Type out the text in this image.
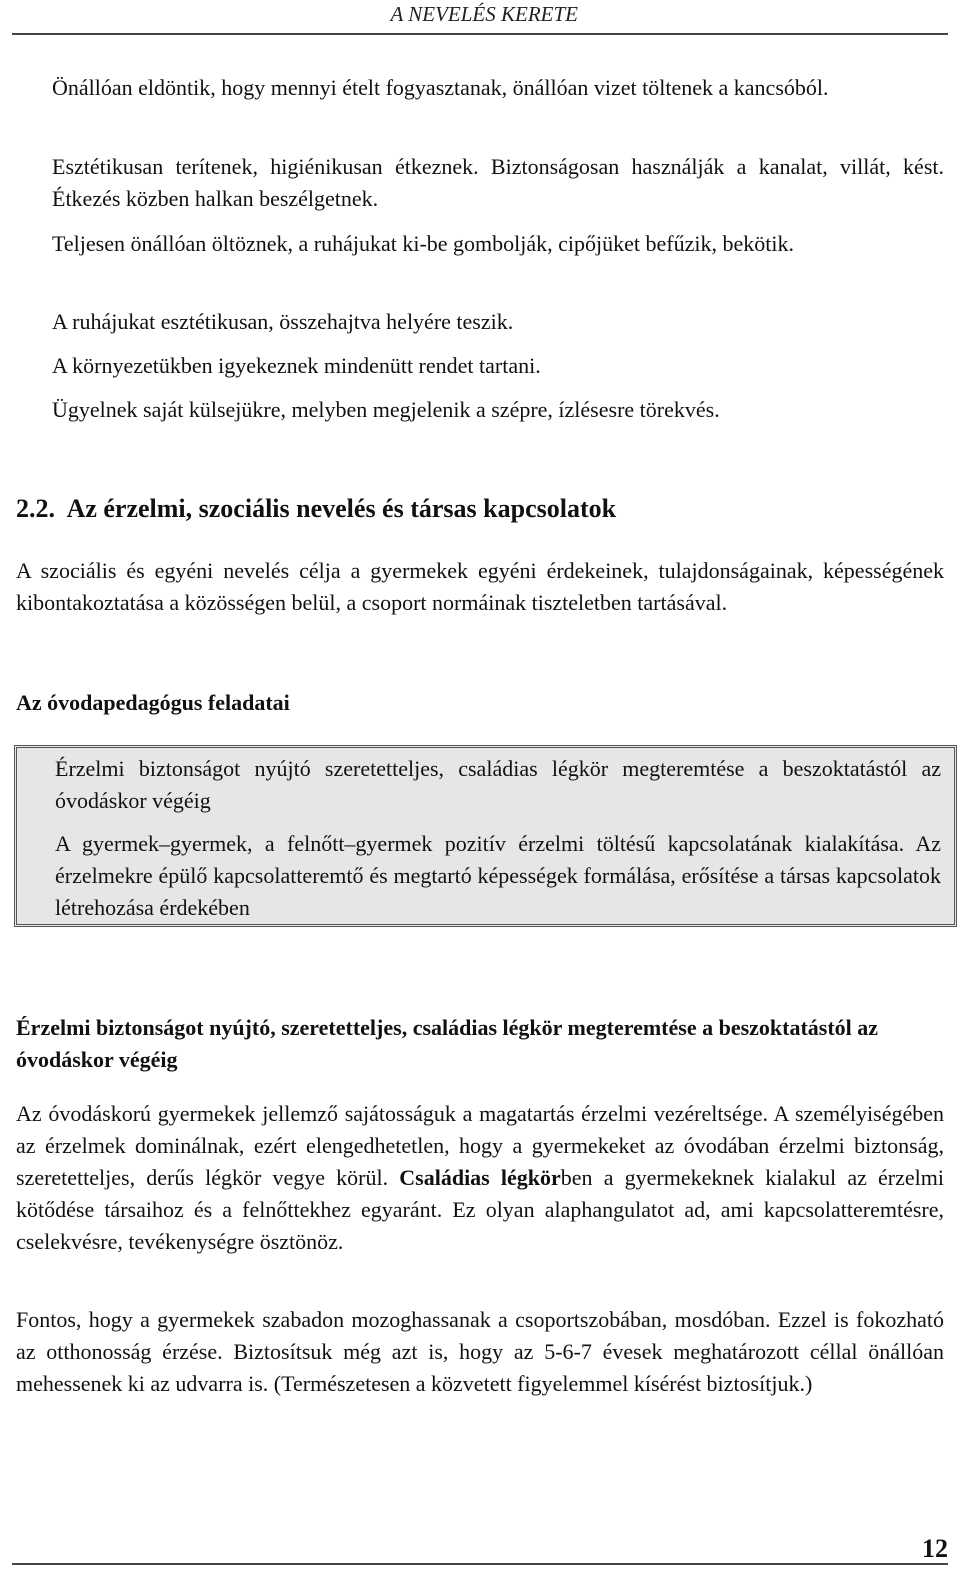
A NEVELÉS KERETE

Önállóan eldöntik, hogy mennyi ételt fogyasztanak, önállóan vizet töltenek a kancsóból.

Esztétikusan terítenek, higiénikusan étkeznek. Biztonságosan használják a kanalat, villát, kést. Étkezés közben halkan beszélgetnek.

Teljesen önállóan öltöznek, a ruhájukat ki-be gombolják, cipőjüket befűzik, bekötik.

A ruhájukat esztétikusan, összehajtva helyére teszik.

A környezetükben igyekeznek mindenütt rendet tartani.

Ügyelnek saját külsejükre, melyben megjelenik a szépre, ízlésesre törekvés.

2.2.  Az érzelmi, szociális nevelés és társas kapcsolatok

A szociális és egyéni nevelés célja a gyermekek egyéni érdekeinek, tulajdonságainak, képességének kibontakoztatása a közösségen belül, a csoport normáinak tiszteletben tartásával.

Az óvodapedagógus feladatai

Érzelmi biztonságot nyújtó szeretetteljes, családias légkör megteremtése a beszoktatástól az óvodáskor végéig

A gyermek–gyermek, a felnőtt–gyermek pozitív érzelmi töltésű kapcsolatának kialakítása. Az érzelmekre épülő kapcsolatteremtő és megtartó képességek formálása, erősítése a társas kapcsolatok létrehozása érdekében

Érzelmi biztonságot nyújtó, szeretetteljes, családias légkör megteremtése a beszoktatástól az óvodáskor végéig

Az óvodáskorú gyermekek jellemző sajátosságuk a magatartás érzelmi vezéreltsége. A személyiségében az érzelmek dominálnak, ezért elengedhetetlen, hogy a gyermekeket az óvodában érzelmi biztonság, szeretetteljes, derűs légkör vegye körül. Családias légkörben a gyermekeknek kialakul az érzelmi kötődése társaihoz és a felnőttekhez egyaránt. Ez olyan alaphangulatot ad, ami kapcsolatteremtésre, cselekvésre, tevékenységre ösztönöz.

Fontos, hogy a gyermekek szabadon mozoghassanak a csoportszobában, mosdóban. Ezzel is fokozható az otthonosság érzése. Biztosítsuk még azt is, hogy az 5-6-7 évesek meghatározott céllal önállóan mehessenek ki az udvarra is. (Természetesen a közvetett figyelemmel kísérést biztosítjuk.)

12
